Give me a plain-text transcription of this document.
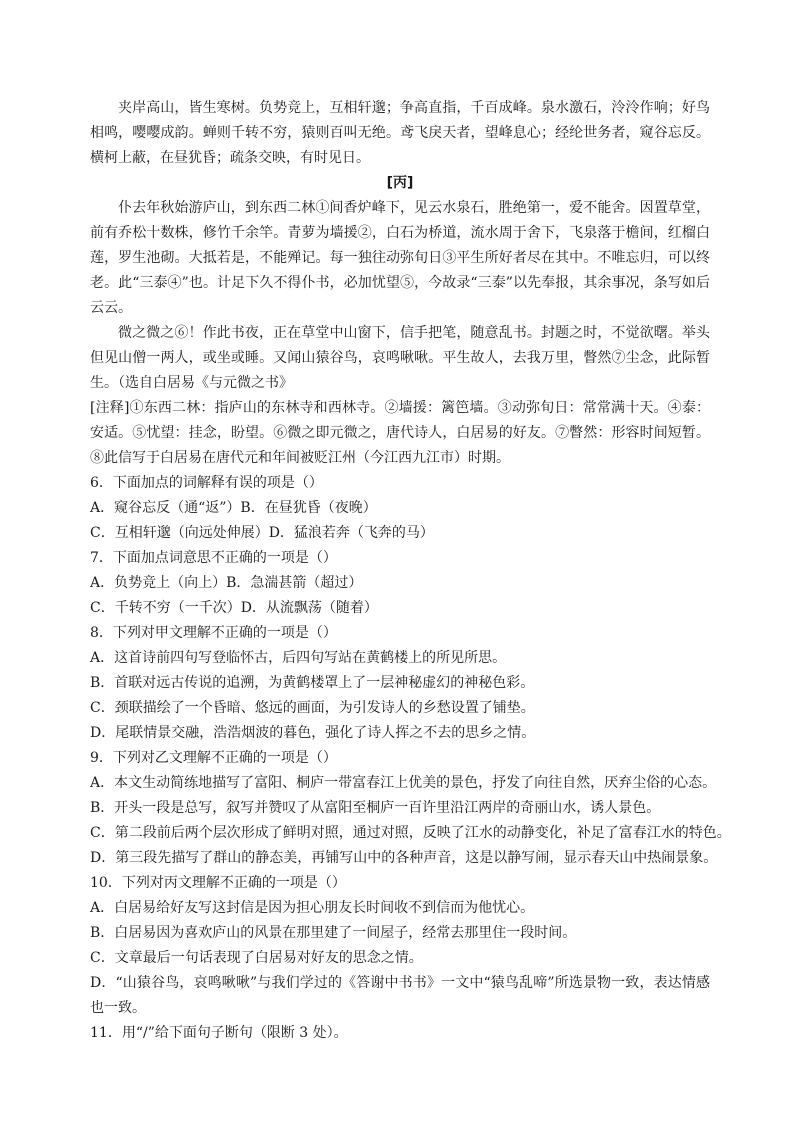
夹岸高山，皆生寒树。负势竞上，互相轩邈；争高直指，千百成峰。泉水激石，泠泠作响；好鸟相鸣，嘤嘤成韵。蝉则千转不穷，猿则百叫无绝。鸢飞戾天者，望峰息心；经纶世务者，窥谷忘反。横柯上蔽，在昼犹昏；疏条交映，有时见日。

[丙]

仆去年秋始游庐山，到东西二林①间香炉峰下，见云水泉石，胜绝第一，爱不能舍。因置草堂，前有乔松十数株，修竹千余竿。青萝为墙援②，白石为桥道，流水周于舍下，飞泉落于檐间，红榴白莲，罗生池砌。大抵若是，不能殚记。每一独往动弥旬日③平生所好者尽在其中。不唯忘归，可以终老。此“三泰④”也。计足下久不得仆书，必加忧望⑤，今故录“三泰”以先奉报，其余事况，条写如后云云。

微之微之⑥！作此书夜，正在草堂中山窗下，信手把笔，随意乱书。封题之时，不觉欲曙。举头但见山僧一两人，或坐或睡。又闻山猿谷鸟，哀鸣啾啾。平生故人，去我万里，瞥然⑦尘念，此际暂生。（选自白居易《与元微之书》

[注释]①东西二林：指庐山的东林寺和西林寺。②墙援：篱笆墙。③动弥旬日：常常满十天。④泰：安适。⑤忧望：挂念，盼望。⑥微之即元微之，唐代诗人，白居易的好友。⑦瞥然：形容时间短暂。⑧此信写于白居易在唐代元和年间被贬江州（今江西九江市）时期。

6．下面加点的词解释有误的项是（）

A．窥谷忘反（通“返”）B．在昼犹昏（夜晚）

C．互相轩邈（向远处伸展）D．猛浪若奔（飞奔的马）

7．下面加点词意思不正确的一项是（）

A．负势竞上（向上）B．急湍甚箭（超过）

C．千转不穷（一千次）D．从流飘荡（随着）

8．下列对甲文理解不正确的一项是（）

A．这首诗前四句写登临怀古，后四句写站在黄鹤楼上的所见所思。

B．首联对远古传说的追溯，为黄鹤楼罩上了一层神秘虚幻的神秘色彩。

C．颈联描绘了一个昏暗、悠远的画面，为引发诗人的乡愁设置了铺垫。

D．尾联情景交融，浩浩烟波的暮色，强化了诗人挥之不去的思乡之情。

9．下列对乙文理解不正确的一项是（）

A．本文生动简练地描写了富阳、桐庐一带富春江上优美的景色，抒发了向往自然，厌弃尘俗的心态。

B．开头一段是总写，叙写并赞叹了从富阳至桐庐一百许里沿江两岸的奇丽山水，诱人景色。

C．第二段前后两个层次形成了鲜明对照，通过对照，反映了江水的动静变化，补足了富春江水的特色。

D．第三段先描写了群山的静态美，再铺写山中的各种声音，这是以静写闹，显示春天山中热闹景象。

10．下列对丙文理解不正确的一项是（）

A．白居易给好友写这封信是因为担心朋友长时间收不到信而为他忧心。

B．白居易因为喜欢庐山的风景在那里建了一间屋子，经常去那里住一段时间。

C．文章最后一句话表现了白居易对好友的思念之情。

D．“山猿谷鸟，哀鸣啾啾”与我们学过的《答谢中书书》一文中“猿鸟乱啼”所选景物一致，表达情感也一致。

11．用“/”给下面句子断句（限断 3 处）。
